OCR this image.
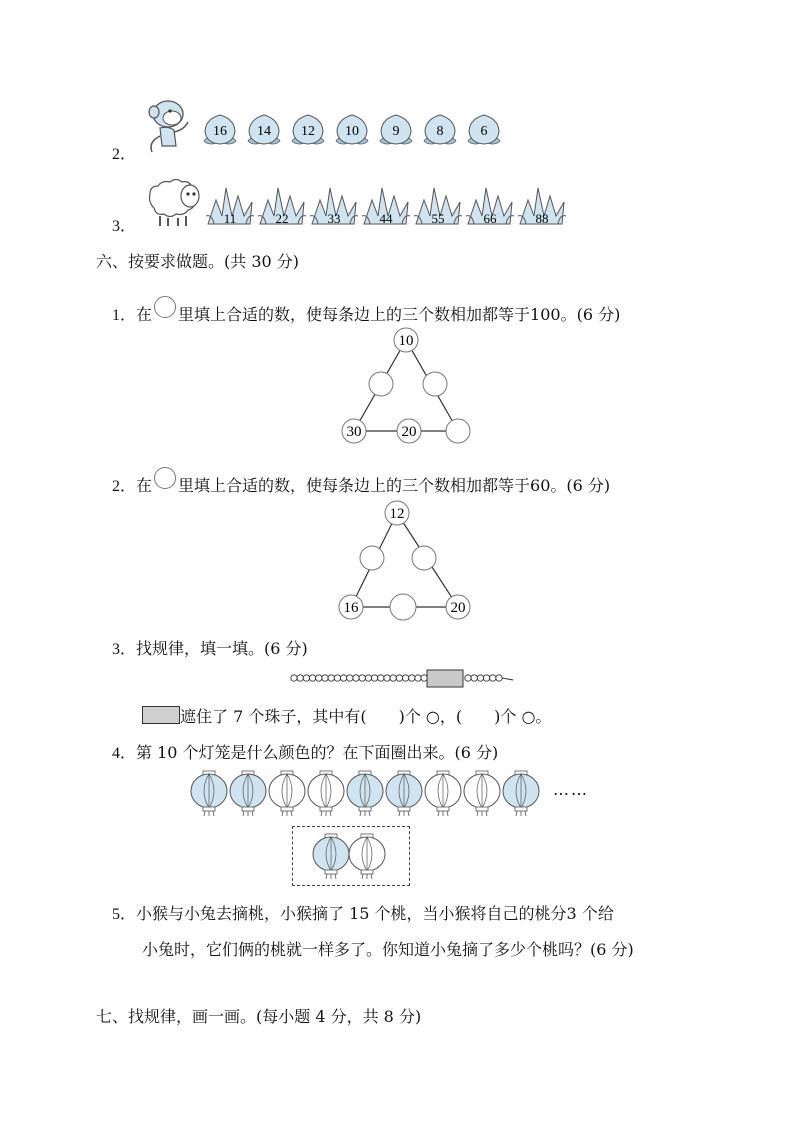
2．
16 14 12 10 9	8	6
3．	11	22	33	44	55	66	88
六、按要求做题。(共 30 分)
1．在 里填上合适的数，使每条边上的三个数相加都等于100。(6 分)
10
30	20
2．在 里填上合适的数，使每条边上的三个数相加都等于60。(6 分)
12
16	20
3．找规律，填一填。(6 分)
遮住了 7 个珠子，其中有(　　)个 ○，(　　)个 ○。
4．第 10 个灯笼是什么颜色的？在下面圈出来。(6 分)
……
5．小猴与小兔去摘桃，小猴摘了 15 个桃，当小猴将自己的桃分3 个给
小兔时，它们俩的桃就一样多了。你知道小兔摘了多少个桃吗？(6 分)
七、找规律，画一画。(每小题 4 分，共 8 分)
